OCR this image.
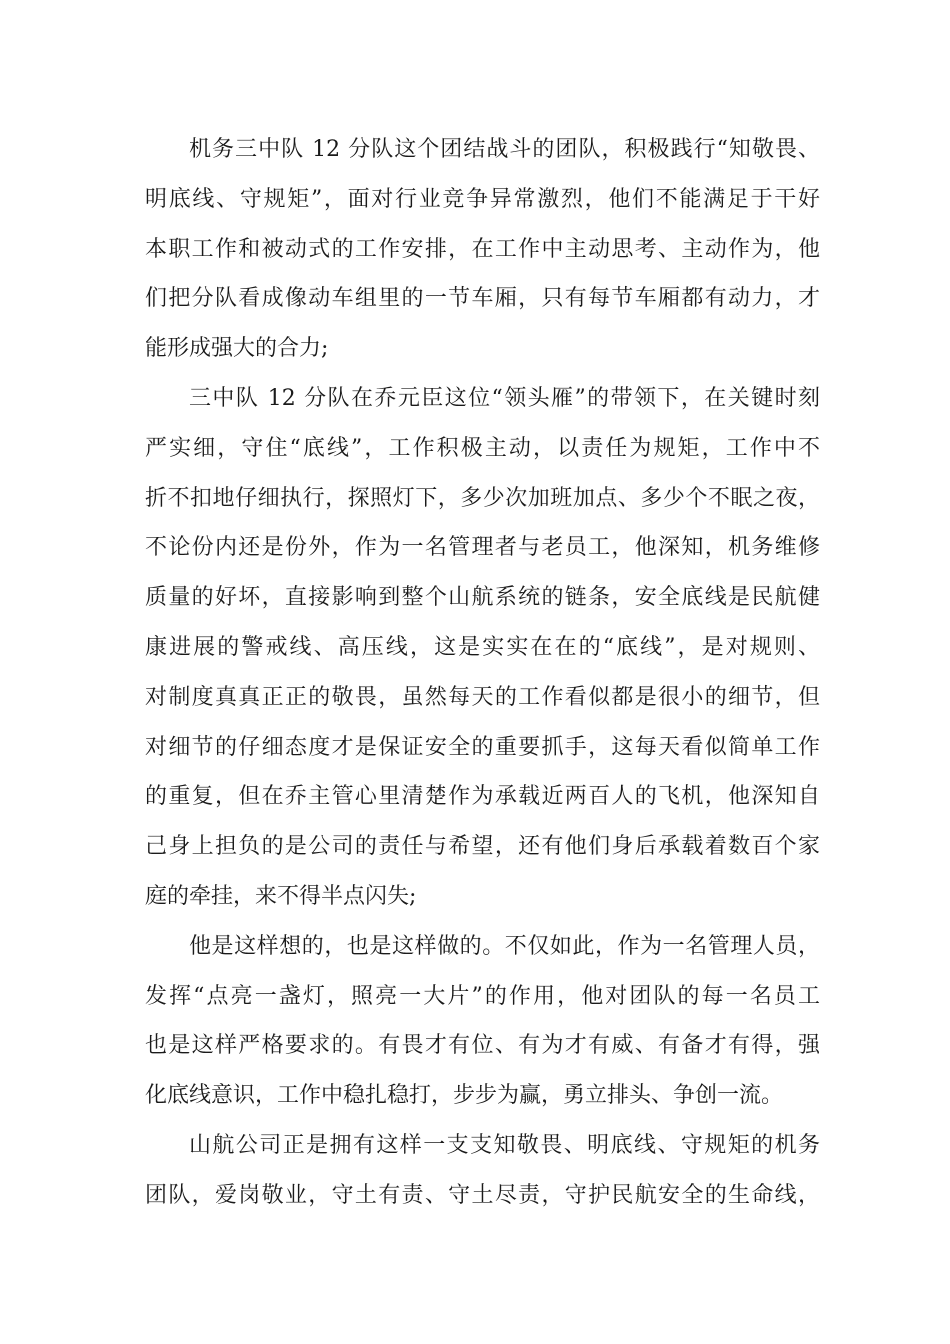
机务三中队 12 分队这个团结战斗的团队，积极践行“知敬畏、
明底线、守规矩”，面对行业竞争异常激烈，他们不能满足于干好
本职工作和被动式的工作安排，在工作中主动思考、主动作为，他
们把分队看成像动车组里的一节车厢，只有每节车厢都有动力，才
能形成强大的合力;
三中队 12 分队在乔元臣这位“领头雁”的带领下，在关键时刻
严实细，守住“底线”，工作积极主动，以责任为规矩，工作中不
折不扣地仔细执行，探照灯下，多少次加班加点、多少个不眠之夜，
不论份内还是份外，作为一名管理者与老员工，他深知，机务维修
质量的好坏，直接影响到整个山航系统的链条，安全底线是民航健
康进展的警戒线、高压线，这是实实在在的“底线”，是对规则、
对制度真真正正的敬畏，虽然每天的工作看似都是很小的细节，但
对细节的仔细态度才是保证安全的重要抓手，这每天看似简单工作
的重复，但在乔主管心里清楚作为承载近两百人的飞机，他深知自
己身上担负的是公司的责任与希望，还有他们身后承载着数百个家
庭的牵挂，来不得半点闪失;
他是这样想的，也是这样做的。不仅如此，作为一名管理人员，
发挥“点亮一盏灯，照亮一大片”的作用，他对团队的每一名员工
也是这样严格要求的。有畏才有位、有为才有威、有备才有得，强
化底线意识，工作中稳扎稳打，步步为赢，勇立排头、争创一流。
山航公司正是拥有这样一支支知敬畏、明底线、守规矩的机务
团队，爱岗敬业，守土有责、守土尽责，守护民航安全的生命线，
